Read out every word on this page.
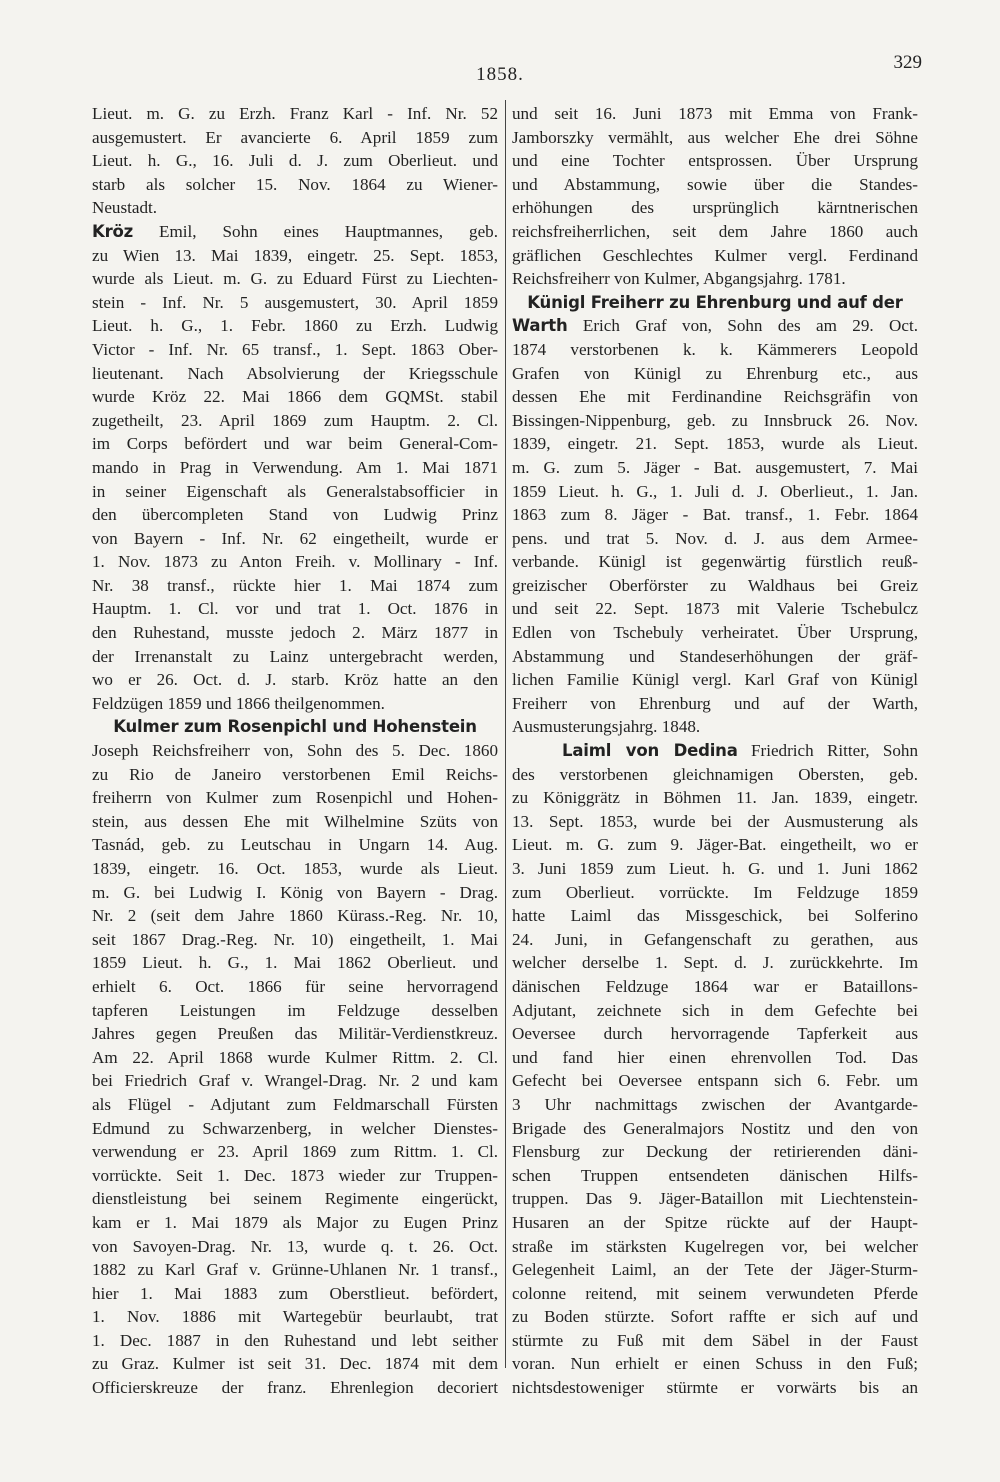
1858.
329
Lieut. m. G. zu Erzh. Franz Karl - Inf. Nr. 52
ausgemustert. Er avancierte 6. April 1859 zum
Lieut. h. G., 16. Juli d. J. zum Oberlieut. und
starb als solcher 15. Nov. 1864 zu Wiener-
Neustadt.
Kröz Emil, Sohn eines Hauptmannes, geb.
zu Wien 13. Mai 1839, eingetr. 25. Sept. 1853,
wurde als Lieut. m. G. zu Eduard Fürst zu Liechten-
stein - Inf. Nr. 5 ausgemustert, 30. April 1859
Lieut. h. G., 1. Febr. 1860 zu Erzh. Ludwig
Victor - Inf. Nr. 65 transf., 1. Sept. 1863 Ober-
lieutenant. Nach Absolvierung der Kriegsschule
wurde Kröz 22. Mai 1866 dem GQMSt. stabil
zugetheilt, 23. April 1869 zum Hauptm. 2. Cl.
im Corps befördert und war beim General-Com-
mando in Prag in Verwendung. Am 1. Mai 1871
in seiner Eigenschaft als Generalstabsofficier in
den übercompleten Stand von Ludwig Prinz
von Bayern - Inf. Nr. 62 eingetheilt, wurde er
1. Nov. 1873 zu Anton Freih. v. Mollinary - Inf.
Nr. 38 transf., rückte hier 1. Mai 1874 zum
Hauptm. 1. Cl. vor und trat 1. Oct. 1876 in
den Ruhestand, musste jedoch 2. März 1877 in
der Irrenanstalt zu Lainz untergebracht werden,
wo er 26. Oct. d. J. starb. Kröz hatte an den
Feldzügen 1859 und 1866 theilgenommen.
Kulmer zum Rosenpichl und Hohenstein
Joseph Reichsfreiherr von, Sohn des 5. Dec. 1860
zu Rio de Janeiro verstorbenen Emil Reichs-
freiherrn von Kulmer zum Rosenpichl und Hohen-
stein, aus dessen Ehe mit Wilhelmine Szüts von
Tasnád, geb. zu Leutschau in Ungarn 14. Aug.
1839, eingetr. 16. Oct. 1853, wurde als Lieut.
m. G. bei Ludwig I. König von Bayern - Drag.
Nr. 2 (seit dem Jahre 1860 Kürass.-Reg. Nr. 10,
seit 1867 Drag.-Reg. Nr. 10) eingetheilt, 1. Mai
1859 Lieut. h. G., 1. Mai 1862 Oberlieut. und
erhielt 6. Oct. 1866 für seine hervorragend
tapferen Leistungen im Feldzuge desselben
Jahres gegen Preußen das Militär-Verdienstkreuz.
Am 22. April 1868 wurde Kulmer Rittm. 2. Cl.
bei Friedrich Graf v. Wrangel-Drag. Nr. 2 und kam
als Flügel - Adjutant zum Feldmarschall Fürsten
Edmund zu Schwarzenberg, in welcher Dienstes-
verwendung er 23. April 1869 zum Rittm. 1. Cl.
vorrückte. Seit 1. Dec. 1873 wieder zur Truppen-
dienstleistung bei seinem Regimente eingerückt,
kam er 1. Mai 1879 als Major zu Eugen Prinz
von Savoyen-Drag. Nr. 13, wurde q. t. 26. Oct.
1882 zu Karl Graf v. Grünne-Uhlanen Nr. 1 transf.,
hier 1. Mai 1883 zum Oberstlieut. befördert,
1. Nov. 1886 mit Wartegebür beurlaubt, trat
1. Dec. 1887 in den Ruhestand und lebt seither
zu Graz. Kulmer ist seit 31. Dec. 1874 mit dem
Officierskreuze der franz. Ehrenlegion decoriert
und seit 16. Juni 1873 mit Emma von Frank-
Jamborszky vermählt, aus welcher Ehe drei Söhne
und eine Tochter entsprossen. Über Ursprung
und Abstammung, sowie über die Standes-
erhöhungen des ursprünglich kärntnerischen
reichsfreiherrlichen, seit dem Jahre 1860 auch
gräflichen Geschlechtes Kulmer vergl. Ferdinand
Reichsfreiherr von Kulmer, Abgangsjahrg. 1781.
Künigl Freiherr zu Ehrenburg und auf der
Warth Erich Graf von, Sohn des am 29. Oct.
1874 verstorbenen k. k. Kämmerers Leopold
Grafen von Künigl zu Ehrenburg etc., aus
dessen Ehe mit Ferdinandine Reichsgräfin von
Bissingen-Nippenburg, geb. zu Innsbruck 26. Nov.
1839, eingetr. 21. Sept. 1853, wurde als Lieut.
m. G. zum 5. Jäger - Bat. ausgemustert, 7. Mai
1859 Lieut. h. G., 1. Juli d. J. Oberlieut., 1. Jan.
1863 zum 8. Jäger - Bat. transf., 1. Febr. 1864
pens. und trat 5. Nov. d. J. aus dem Armee-
verbande. Künigl ist gegenwärtig fürstlich reuß-
greizischer Oberförster zu Waldhaus bei Greiz
und seit 22. Sept. 1873 mit Valerie Tschebulcz
Edlen von Tschebuly verheiratet. Über Ursprung,
Abstammung und Standeserhöhungen der gräf-
lichen Familie Künigl vergl. Karl Graf von Künigl
Freiherr von Ehrenburg und auf der Warth,
Ausmusterungsjahrg. 1848.
Laiml von Dedina Friedrich Ritter, Sohn
des verstorbenen gleichnamigen Obersten, geb.
zu Königgrätz in Böhmen 11. Jan. 1839, eingetr.
13. Sept. 1853, wurde bei der Ausmusterung als
Lieut. m. G. zum 9. Jäger-Bat. eingetheilt, wo er
3. Juni 1859 zum Lieut. h. G. und 1. Juni 1862
zum Oberlieut. vorrückte. Im Feldzuge 1859
hatte Laiml das Missgeschick, bei Solferino
24. Juni, in Gefangenschaft zu gerathen, aus
welcher derselbe 1. Sept. d. J. zurückkehrte. Im
dänischen Feldzuge 1864 war er Bataillons-
Adjutant, zeichnete sich in dem Gefechte bei
Oeversee durch hervorragende Tapferkeit aus
und fand hier einen ehrenvollen Tod. Das
Gefecht bei Oeversee entspann sich 6. Febr. um
3 Uhr nachmittags zwischen der Avantgarde-
Brigade des Generalmajors Nostitz und den von
Flensburg zur Deckung der retirierenden däni-
schen Truppen entsendeten dänischen Hilfs-
truppen. Das 9. Jäger-Bataillon mit Liechtenstein-
Husaren an der Spitze rückte auf der Haupt-
straße im stärksten Kugelregen vor, bei welcher
Gelegenheit Laiml, an der Tete der Jäger-Sturm-
colonne reitend, mit seinem verwundeten Pferde
zu Boden stürzte. Sofort raffte er sich auf und
stürmte zu Fuß mit dem Säbel in der Faust
voran. Nun erhielt er einen Schuss in den Fuß;
nichtsdestoweniger stürmte er vorwärts bis an
